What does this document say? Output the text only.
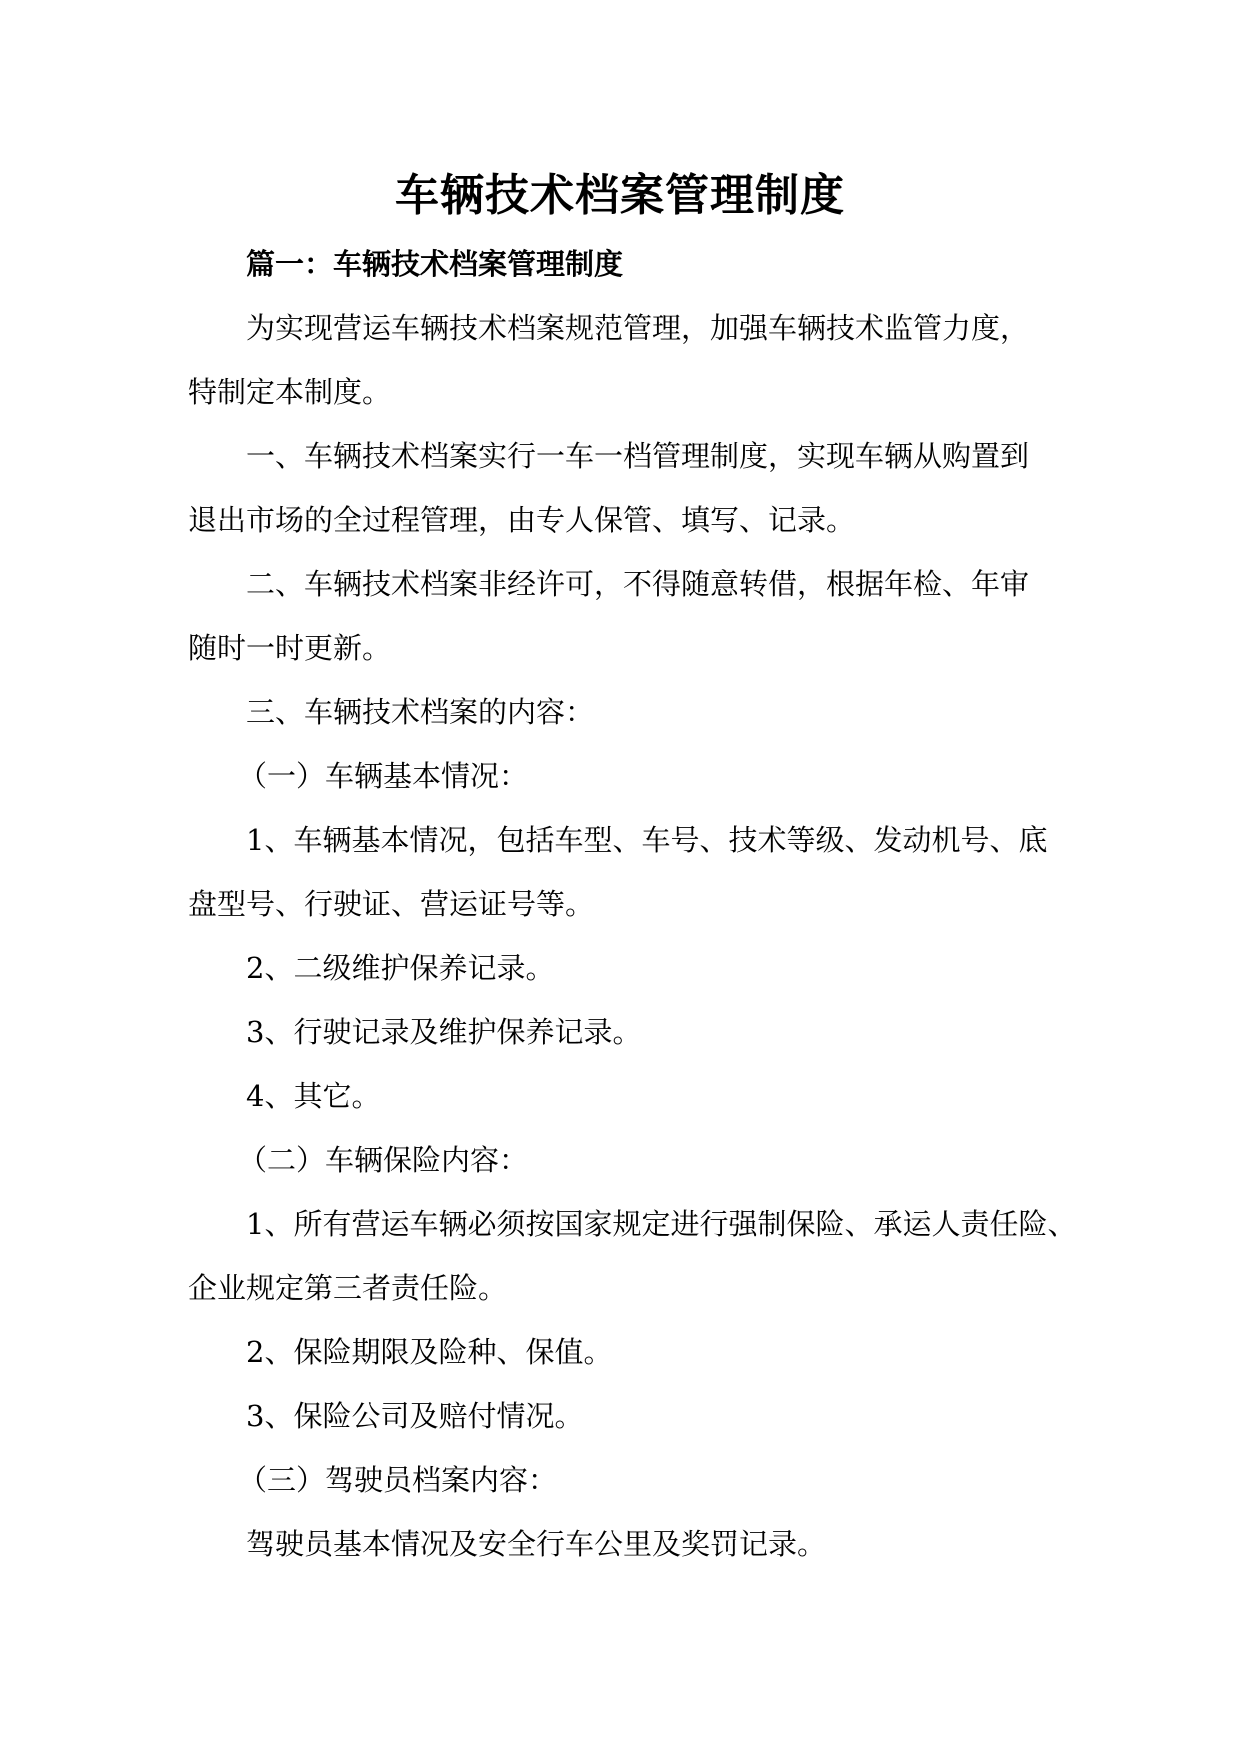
车辆技术档案管理制度
篇一：车辆技术档案管理制度
为实现营运车辆技术档案规范管理，加强车辆技术监管力度，
特制定本制度。
一、车辆技术档案实行一车一档管理制度，实现车辆从购置到
退出市场的全过程管理，由专人保管、填写、记录。
二、车辆技术档案非经许可，不得随意转借，根据年检、年审
随时一时更新。
三、车辆技术档案的内容：
（一）车辆基本情况：
1、车辆基本情况，包括车型、车号、技术等级、发动机号、底
盘型号、行驶证、营运证号等。
2、二级维护保养记录。
3、行驶记录及维护保养记录。
4、其它。
（二）车辆保险内容：
1、所有营运车辆必须按国家规定进行强制保险、承运人责任险、
企业规定第三者责任险。
2、保险期限及险种、保值。
3、保险公司及赔付情况。
（三）驾驶员档案内容：
驾驶员基本情况及安全行车公里及奖罚记录。
